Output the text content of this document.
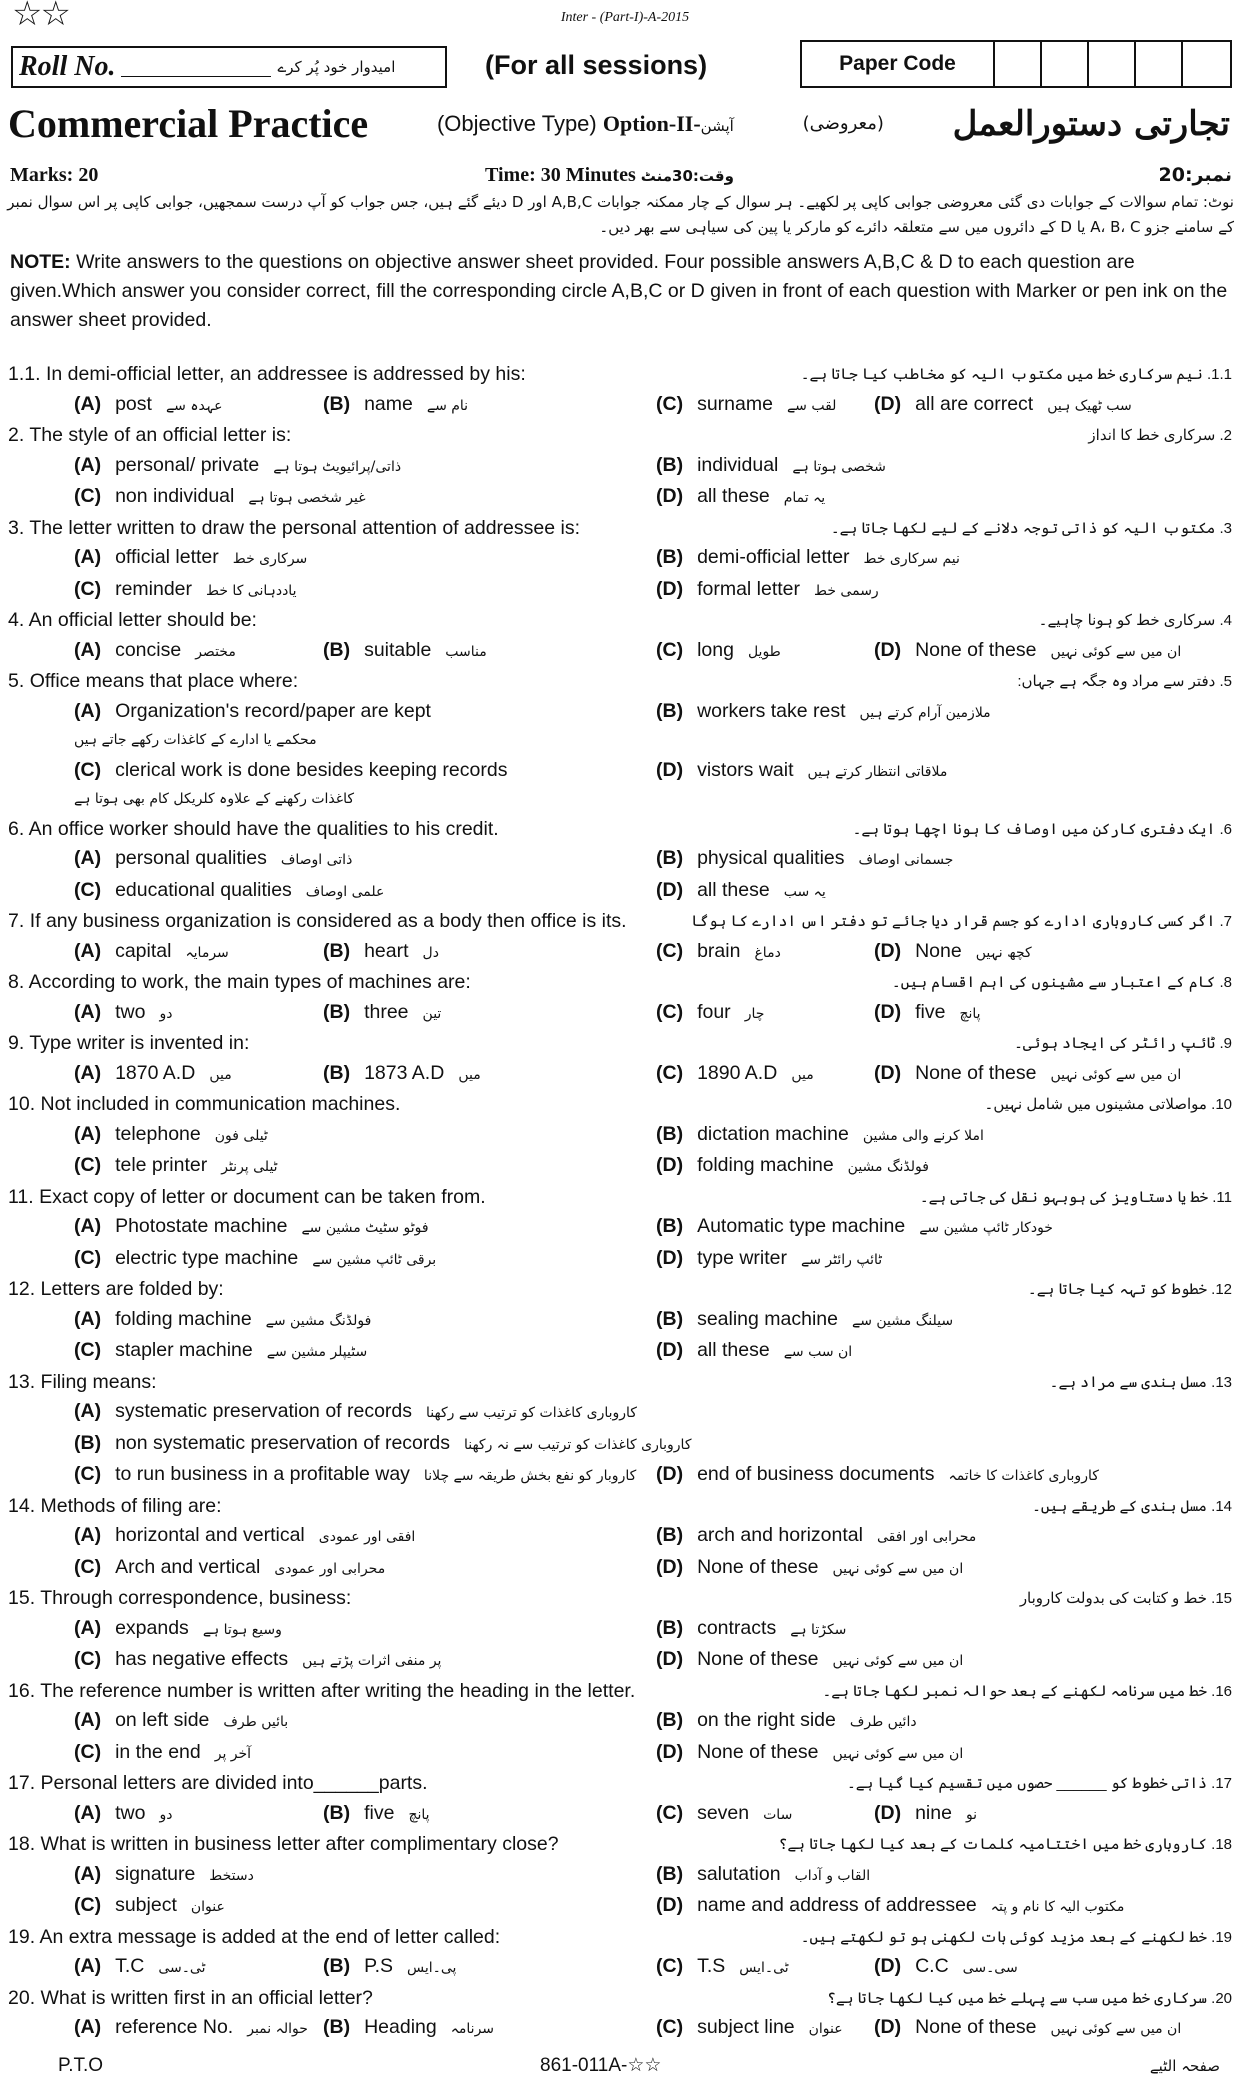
☆☆	Inter - (Part-I)-A-2015
Roll No.	امیدوار خود پُر کرے	(For all sessions)	Paper Code
Commercial Practice	(Objective Type) Option-II-آپشن	(معروضی) تجارتی دستورالعمل
Marks: 20	Time: 30 Minutes وقت:30منٹ	نمبر:20
نوٹ: تمام سوالات کے جوابات دی گئی معروضی جوابی کاپی پر لکھیے۔ ہر سوال کے چار ممکنہ جوابات A,B,C اور D دیئے گئے ہیں، جس جواب کو آپ درست سمجھیں، جوابی کاپی پر اس سوال نمبر کے سامنے جزو A، B، C یا D کے دائروں میں سے متعلقہ دائرے کو مارکر یا پین کی سیاہی سے بھر دیں۔
NOTE: Write answers to the questions on objective answer sheet provided. Four possible answers A,B,C & D to each question are given.Which answer you consider correct, fill the corresponding circle A,B,C or D given in front of each question with Marker or pen ink on the answer sheet provided.
1.1. In demi-official letter, an addressee is addressed by his:	1.1. نیم سرکاری خط میں مکتوب الیہ کو مخاطب کیا جاتا ہے۔
(A) post عہدہ سے	(B) name نام سے	(C) surname لقب سے (D) all are correct سب ٹھیک ہیں
2. The style of an official letter is:	2. سرکاری خط کا انداز
(A) personal/ private ذاتی/پرائیویٹ ہوتا ہے	(B) individual شخصی ہوتا ہے
(C) non individual غیر شخصی ہوتا ہے	(D) all these یہ تمام
3. The letter written to draw the personal attention of addressee is:	3. مکتوب الیہ کو ذاتی توجہ دلانے کے لیے لکھا جاتا ہے۔
(A) official letter سرکاری خط	(B) demi-official letter نیم سرکاری خط
(C) reminder یاددہانی کا خط	(D) formal letter رسمی خط
4. An official letter should be:	4. سرکاری خط کو ہونا چاہیے۔
(A) concise مختصر	(B) suitable مناسب	(C) long طویل	(D) None of these ان میں سے کوئی نہیں
5. Office means that place where:	5. دفتر سے مراد وہ جگہ ہے جہاں:
(A) Organization's record/paper are kept
محکمے یا ادارے کے کاغذات رکھے جاتے ہیں
(B) workers take rest ملازمین آرام کرتے ہیں
(C) clerical work is done besides keeping records
کاغذات رکھنے کے علاوہ کلریکل کام بھی ہوتا ہے
(D) vistors wait ملاقاتی انتظار کرتے ہیں
6. An office worker should have the qualities to his credit.	6. ایک دفتری کارکن میں اوصاف کا ہونا اچھا ہوتا ہے۔
(A) personal qualities ذاتی اوصاف	(B) physical qualities جسمانی اوصاف
(C) educational qualities علمی اوصاف	(D) all these یہ سب
7. If any business organization is considered as a body then office is its.	7. اگر کسی کاروباری ادارے کو جسم قرار دیا جائے تو دفتر اس ادارے کا ہوگا
(A) capital سرمایہ	(B) heart دل	(C) brain دماغ	(D) None کچھ نہیں
8. According to work, the main types of machines are:	8. کام کے اعتبار سے مشینوں کی اہم اقسام ہیں۔
(A) two دو	(B) three تین	(C) four چار	(D) five پانچ
9. Type writer is invented in:	9. ٹائپ رائٹر کی ایجاد ہوئی۔
(A) 1870 A.D میں	(B) 1873 A.D میں	(C) 1890 A.D میں	(D) None of these ان میں سے کوئی نہیں
10. Not included in communication machines.	10. مواصلاتی مشینوں میں شامل نہیں۔
(A) telephone ٹیلی فون	(B) dictation machine املا کرنے والی مشین
(C) tele printer ٹیلی پرنٹر	(D) folding machine فولڈنگ مشین
11. Exact copy of letter or document can be taken from.	11. خط یا دستاویز کی ہوبہو نقل کی جاتی ہے۔
(A) Photostate machine فوٹو سٹیٹ مشین سے	(B) Automatic type machine خودکار ٹائپ مشین سے
(C) electric type machine برقی ٹائپ مشین سے	(D) type writer ٹائپ رائٹر سے
12. Letters are folded by:	12. خطوط کو تہہ کیا جاتا ہے۔
(A) folding machine فولڈنگ مشین سے	(B) sealing machine سیلنگ مشین سے
(C) stapler machine سٹیپلر مشین سے	(D) all these ان سب سے
13. Filing means:	13. مسل بندی سے مراد ہے۔
(A) systematic preservation of records کاروباری کاغذات کو ترتیب سے رکھنا
(B) non systematic preservation of records کاروباری کاغذات کو ترتیب سے نہ رکھنا
(C) to run business in a profitable way کاروبار کو نفع بخش طریقہ سے چلانا (D) end of business documents کاروباری کاغذات کا خاتمہ
14. Methods of filing are:	14. مسل بندی کے طریقے ہیں۔
(A) horizontal and vertical افقی اور عمودی	(B) arch and horizontal محرابی اور افقی
(C) Arch and vertical محرابی اور عمودی	(D) None of these ان میں سے کوئی نہیں
15. Through correspondence, business:	15. خط و کتابت کی بدولت کاروبار
(A) expands وسیع ہوتا ہے	(B) contracts سکڑتا ہے
(C) has negative effects پر منفی اثرات پڑتے ہیں	(D) None of these ان میں سے کوئی نہیں
16. The reference number is written after writing the heading in the letter.	16. خط میں سرنامہ لکھنے کے بعد حوالہ نمبر لکھا جاتا ہے۔
(A) on left side بائیں طرف	(B) on the right side دائیں طرف
(C) in the end آخر پر	(D) None of these ان میں سے کوئی نہیں
17. Personal letters are divided into______parts.	17. ذاتی خطوط کو ______ حصوں میں تقسیم کیا گیا ہے۔
(A) two دو	(B) five پانچ	(C) seven سات	(D) nine نو
18. What is written in business letter after complimentary close?	18. کاروباری خط میں اختتامیہ کلمات کے بعد کیا لکھا جاتا ہے؟
(A) signature دستخط	(B) salutation القاب و آداب
(C) subject عنوان	(D) name and address of addressee مکتوب الیہ کا نام و پتہ
19. An extra message is added at the end of letter called:	19. خط لکھنے کے بعد مزید کوئی بات لکھنی ہو تو لکھتے ہیں۔
(A) T.C ٹی۔سی	(B) P.S پی۔ایس	(C) T.S ٹی۔ایس	(D) C.C سی۔سی
20. What is written first in an official letter?	20. سرکاری خط میں سب سے پہلے خط میں کیا لکھا جاتا ہے؟
(A) reference No. حوالہ نمبر (B) Heading سرنامہ	(C) subject line عنوان (D) None of these ان میں سے کوئی نہیں
P.T.O	861-011A-☆☆	صفحہ الٹیے
